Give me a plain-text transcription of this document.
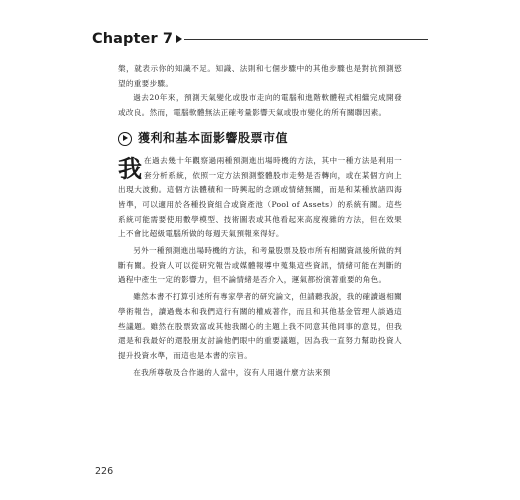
Chapter 7

槃，就表示你的知識不足。知識、法則和七個步驟中的其他步驟也是對抗預測慾望的重要步驟。

過去20年來，預測天氣變化或股市走向的電腦和進階軟體程式相繼完成開發或改良。然而，電腦軟體無法正確考量影響天氣或股市變化的所有關聯因素。

獲利和基本面影響股票市值
我 在過去幾十年觀察過兩種預測進出場時機的方法，其中一種方法是利用一套分析系統，依照一定方法預測整體股市走勢是否轉向，或在某個方向上出現大波動。這個方法體積和一時興起的念頭或情緒無關，而是和某種放諸四海皆準，可以適用於各種投資組合或資產池（Pool of Assets）的系統有關。這些系統可能需要使用數學模型、技術圖表或其他看起來高度複雜的方法，但在效果上不會比超級電腦所做的每週天氣預報來得好。

另外一種預測進出場時機的方法，和考量股票及股市所有相關資訊後所做的判斷有關。投資人可以從研究報告或媒體報導中蒐集這些資訊，情緒可能在判斷的過程中產生一定的影響力，但不論情緒是否介入，運氣都扮演著重要的角色。

雖然本書不打算引述所有專家學者的研究論文，但請聽我說，我的確讀過相關學術報告，讀過幾本和我們這行有關的權威著作，而且和其他基金管理人談過這些議題。雖然在股票致富或其他我關心的主題上我不同意其他同事的意見，但我還是和我最好的還股朋友討論他們眼中的重要議題，因為我一直努力幫助投資人提升投資水準，而這也是本書的宗旨。

在我所尊敬及合作過的人當中，沒有人用過什麼方法來預

226
